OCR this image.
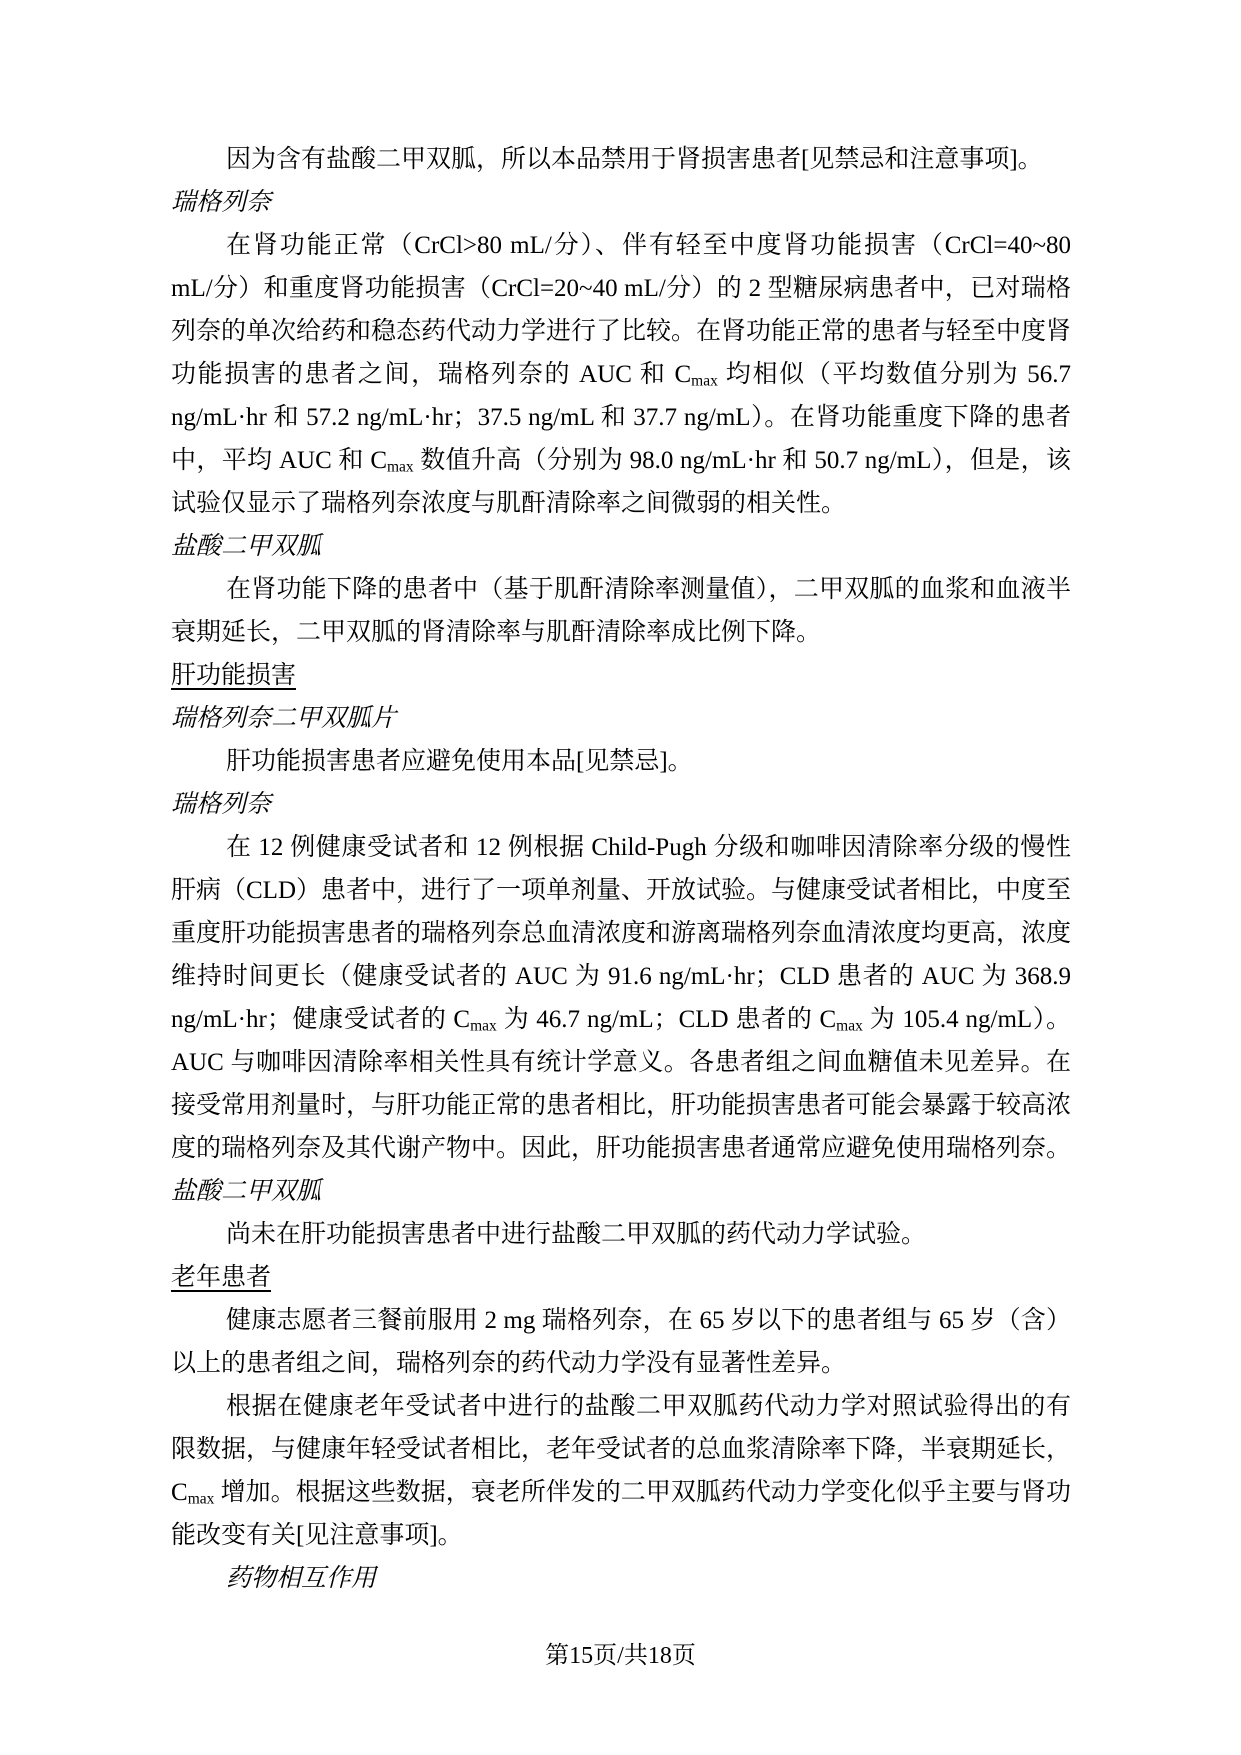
因为含有盐酸二甲双胍，所以本品禁用于肾损害患者[见禁忌和注意事项]。

瑞格列奈

在肾功能正常（CrCl>80 mL/分）、伴有轻至中度肾功能损害（CrCl=40~80 mL/分）和重度肾功能损害（CrCl=20~40 mL/分）的 2 型糖尿病患者中，已对瑞格列奈的单次给药和稳态药代动力学进行了比较。在肾功能正常的患者与轻至中度肾功能损害的患者之间，瑞格列奈的 AUC 和 $C_{max}$ 均相似（平均数值分别为 56.7 ng/mL·hr 和 57.2 ng/mL·hr；37.5 ng/mL 和 37.7 ng/mL）。在肾功能重度下降的患者中，平均 AUC 和 $C_{max}$ 数值升高（分别为 98.0 ng/mL·hr 和 50.7 ng/mL），但是，该试验仅显示了瑞格列奈浓度与肌酐清除率之间微弱的相关性。

盐酸二甲双胍

在肾功能下降的患者中（基于肌酐清除率测量值），二甲双胍的血浆和血液半衰期延长，二甲双胍的肾清除率与肌酐清除率成比例下降。

肝功能损害

瑞格列奈二甲双胍片

肝功能损害患者应避免使用本品[见禁忌]。

瑞格列奈

在 12 例健康受试者和 12 例根据 Child-Pugh 分级和咖啡因清除率分级的慢性肝病（CLD）患者中，进行了一项单剂量、开放试验。与健康受试者相比，中度至重度肝功能损害患者的瑞格列奈总血清浓度和游离瑞格列奈血清浓度均更高，浓度维持时间更长（健康受试者的 AUC 为 91.6 ng/mL·hr；CLD 患者的 AUC 为 368.9 ng/mL·hr；健康受试者的 $C_{max}$ 为 46.7 ng/mL；CLD 患者的 $C_{max}$ 为 105.4 ng/mL）。AUC 与咖啡因清除率相关性具有统计学意义。各患者组之间血糖值未见差异。在接受常用剂量时，与肝功能正常的患者相比，肝功能损害患者可能会暴露于较高浓度的瑞格列奈及其代谢产物中。因此，肝功能损害患者通常应避免使用瑞格列奈。

盐酸二甲双胍

尚未在肝功能损害患者中进行盐酸二甲双胍的药代动力学试验。

老年患者

健康志愿者三餐前服用 2 mg 瑞格列奈，在 65 岁以下的患者组与 65 岁（含）以上的患者组之间，瑞格列奈的药代动力学没有显著性差异。

根据在健康老年受试者中进行的盐酸二甲双胍药代动力学对照试验得出的有限数据，与健康年轻受试者相比，老年受试者的总血浆清除率下降，半衰期延长，$C_{max}$ 增加。根据这些数据，衰老所伴发的二甲双胍药代动力学变化似乎主要与肾功能改变有关[见注意事项]。

药物相互作用

第15页/共18页
